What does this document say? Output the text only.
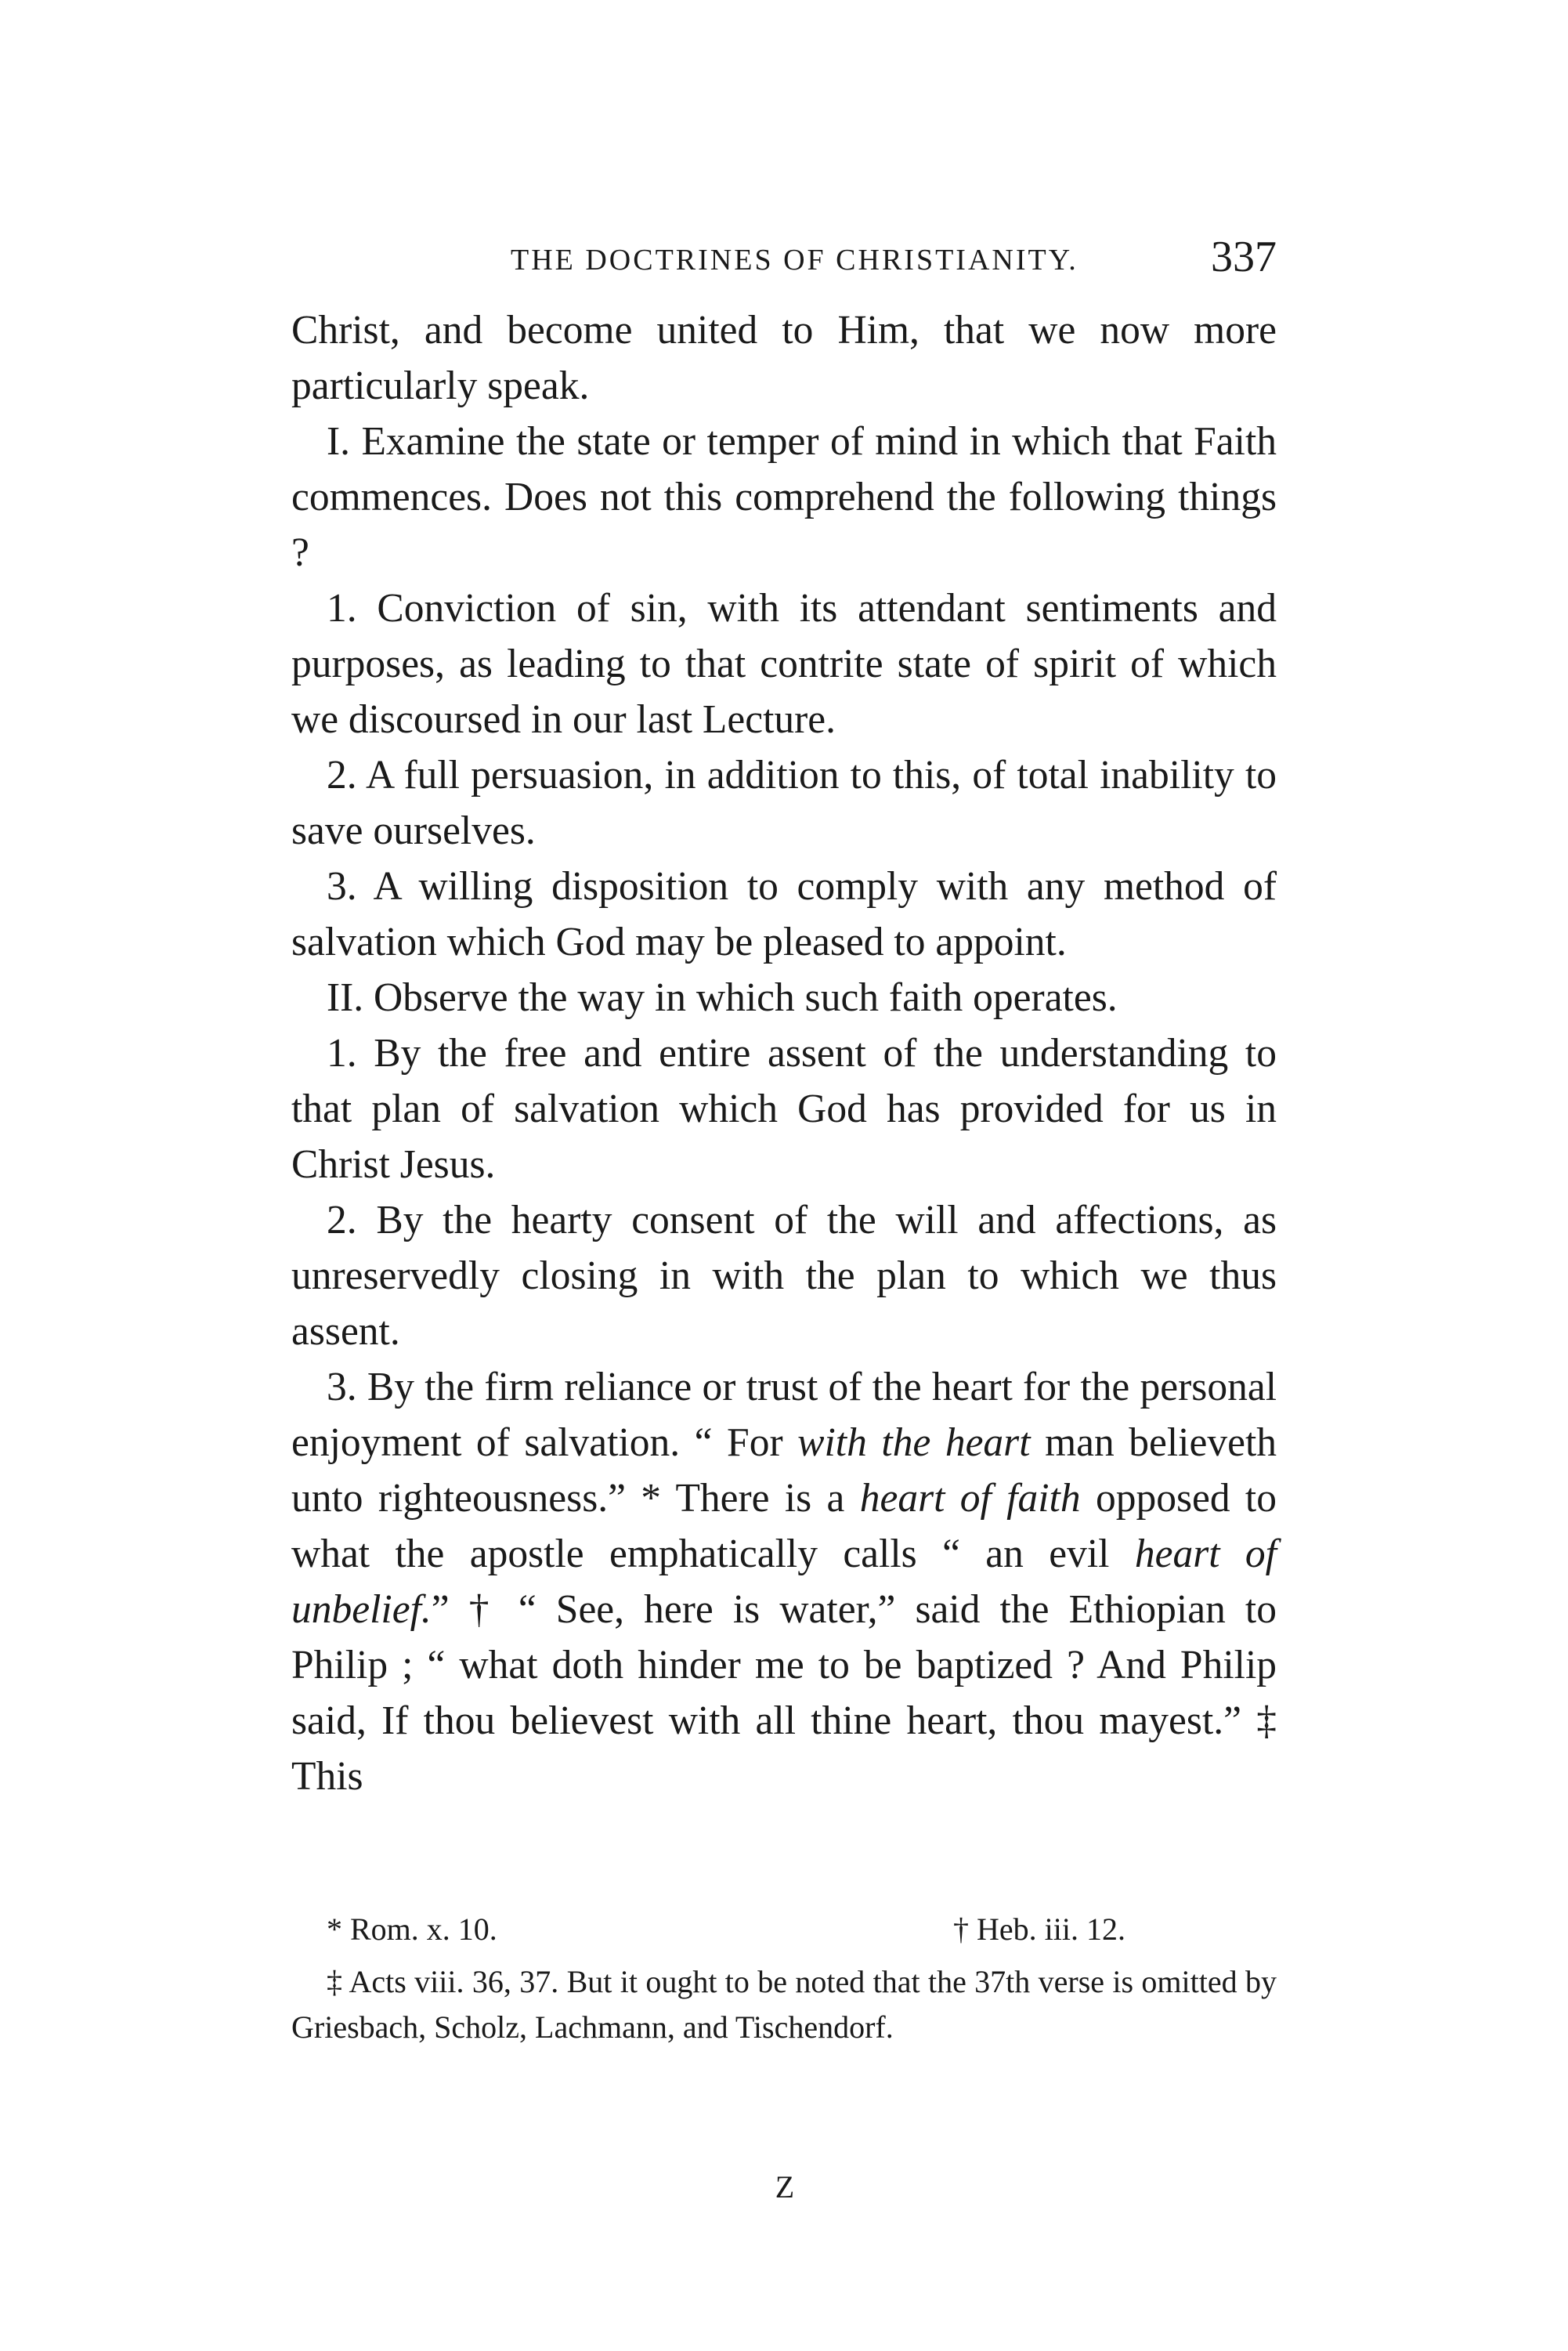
THE DOCTRINES OF CHRISTIANITY.	337

Christ, and become united to Him, that we now more particularly speak.

I. Examine the state or temper of mind in which that Faith commences. Does not this comprehend the following things ?

1. Conviction of sin, with its attendant sentiments and purposes, as leading to that contrite state of spirit of which we discoursed in our last Lecture.

2. A full persuasion, in addition to this, of total inability to save ourselves.

3. A willing disposition to comply with any method of salvation which God may be pleased to appoint.

II. Observe the way in which such faith operates.

1. By the free and entire assent of the understanding to that plan of salvation which God has provided for us in Christ Jesus.

2. By the hearty consent of the will and affections, as unreservedly closing in with the plan to which we thus assent.

3. By the firm reliance or trust of the heart for the personal enjoyment of salvation. “ For with the heart man believeth unto righteousness.” * There is a heart of faith opposed to what the apostle emphatically calls “ an evil heart of unbelief.” † “ See, here is water,” said the Ethiopian to Philip ; “ what doth hinder me to be baptized ? And Philip said, If thou believest with all thine heart, thou mayest.” ‡ This

* Rom. x. 10.	† Heb. iii. 12.

‡ Acts viii. 36, 37. But it ought to be noted that the 37th verse is omitted by Griesbach, Scholz, Lachmann, and Tischendorf.

Z
